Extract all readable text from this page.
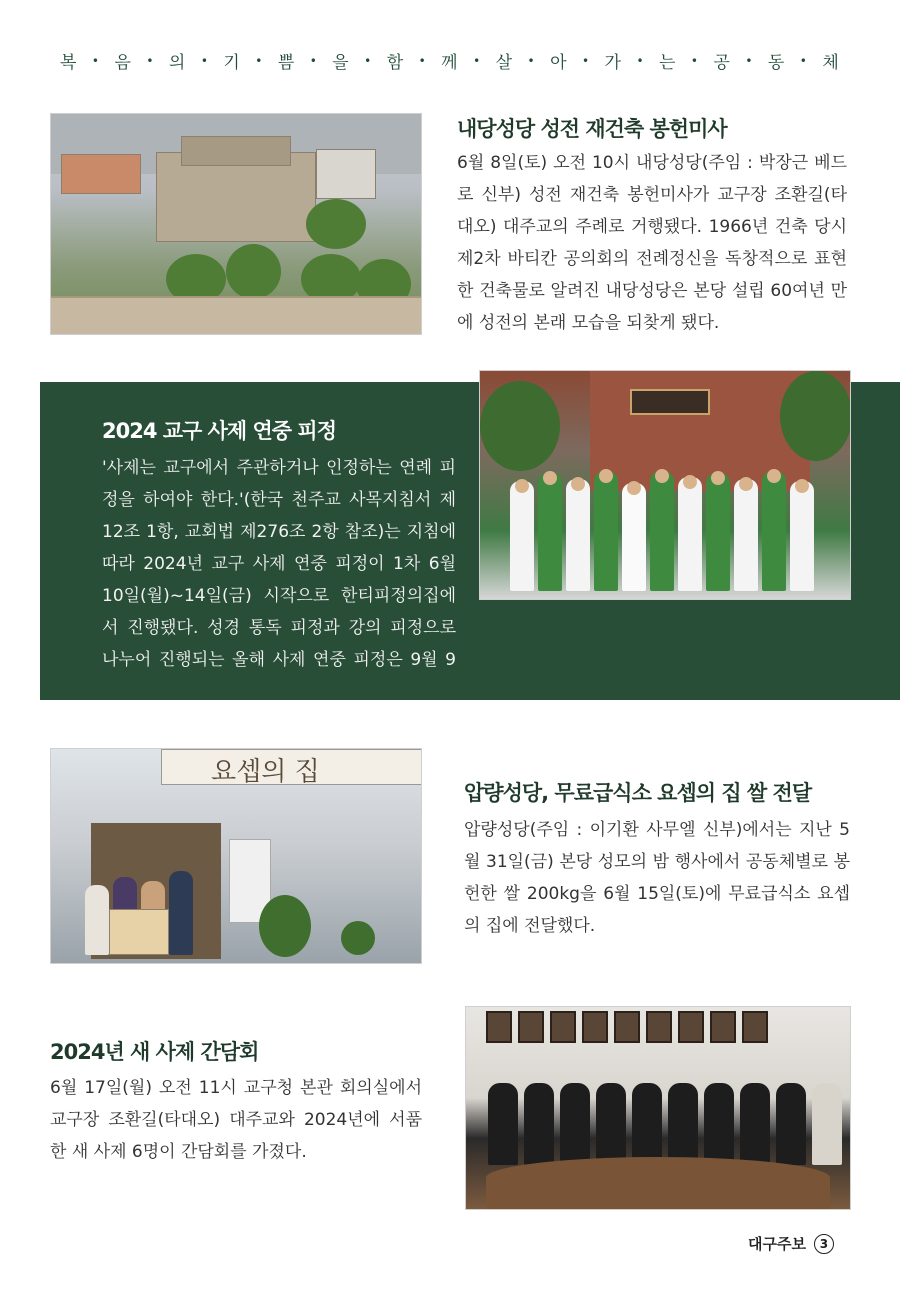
복 • 음 • 의 • 기 • 쁨 • 을 • 함 • 께 • 살 • 아 • 가 • 는 • 공 • 동 • 체
내당성당 성전 재건축 봉헌미사
6월 8일(토) 오전 10시 내당성당(주임 : 박장근 베드로 신부) 성전 재건축 봉헌미사가 교구장 조환길(타대오) 대주교의 주례로 거행됐다. 1966년 건축 당시 제2차 바티칸 공의회의 전례정신을 독창적으로 표현한 건축물로 알려진 내당성당은 본당 설립 60여년 만에 성전의 본래 모습을 되찾게 됐다.
2024 교구 사제 연중 피정
'사제는 교구에서 주관하거나 인정하는 연례 피정을 하여야 한다.'(한국 천주교 사목지침서 제12조 1항, 교회법 제276조 2항 참조)는 지침에 따라 2024년 교구 사제 연중 피정이 1차 6월 10일(월)~14일(금) 시작으로 한티피정의집에
서 진행됐다. 성경 통독 피정과 강의 피정으로 나누어 진행되는 올해 사제 연중 피정은 9월 9
요셉의 집
압량성당, 무료급식소 요셉의 집 쌀 전달
압량성당(주임 : 이기환 사무엘 신부)에서는 지난 5월 31일(금) 본당 성모의 밤 행사에서 공동체별로 봉헌한 쌀 200kg을 6월 15일(토)에 무료급식소 요셉의 집에 전달했다.
2024년 새 사제 간담회
6월 17일(월) 오전 11시 교구청 본관 회의실에서 교구장 조환길(타대오) 대주교와 2024년에 서품한 새 사제 6명이 간담회를 가졌다.
대구주보	3
